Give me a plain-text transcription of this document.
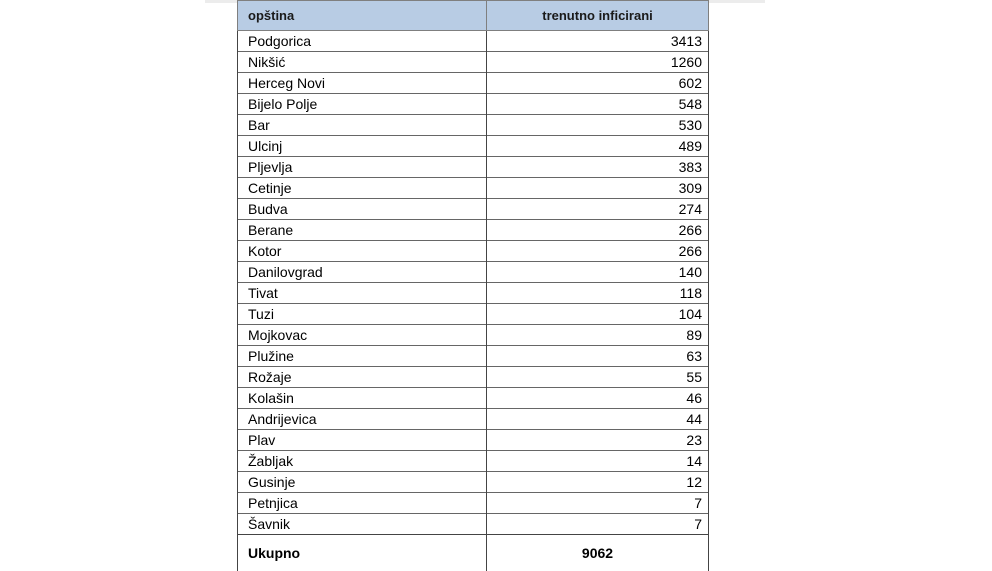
opština	trenutno inficirani
Podgorica	3413
Nikšić	1260
Herceg Novi	602
Bijelo Polje	548
Bar	530
Ulcinj	489
Pljevlja	383
Cetinje	309
Budva	274
Berane	266
Kotor	266
Danilovgrad	140
Tivat	118
Tuzi	104
Mojkovac	89
Plužine	63
Rožaje	55
Kolašin	46
Andrijevica	44
Plav	23
Žabljak	14
Gusinje	12
Petnjica	7
Šavnik	7
Ukupno	9062
